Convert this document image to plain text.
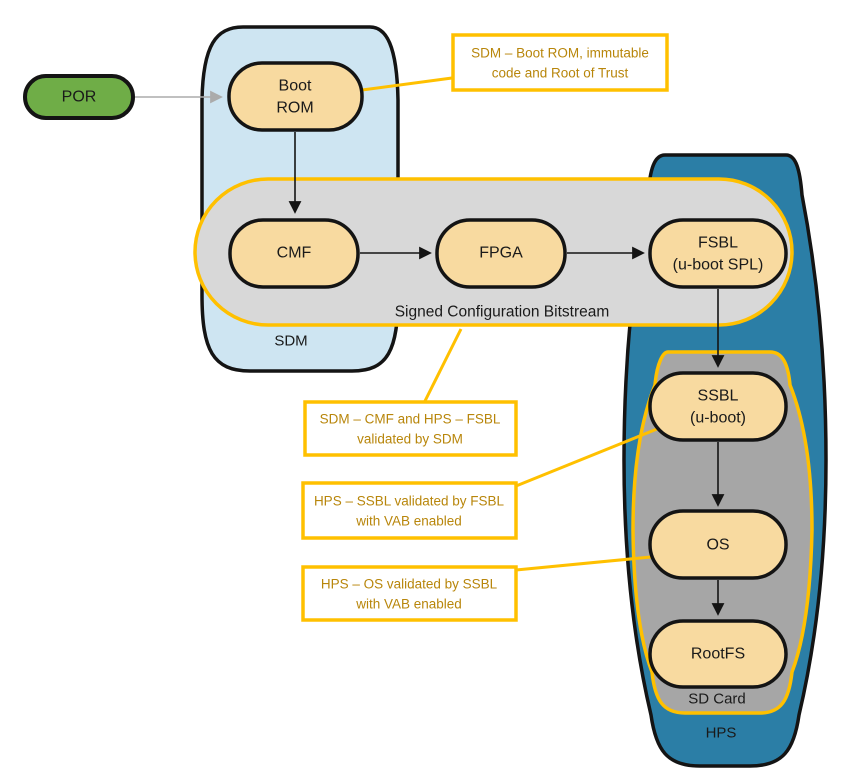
POR
Boot
ROM
CMF	FPGA
FSBL
(u-boot SPL)
SSBL
(u-boot)
OS
RootFS
Signed Configuration Bitstream
SDM
SD Card
HPS
SDM – Boot ROM, immutable
code and Root of Trust
SDM – CMF and HPS – FSBL
validated by SDM
HPS – SSBL validated by FSBL
with VAB enabled
HPS – OS validated by SSBL
with VAB enabled
